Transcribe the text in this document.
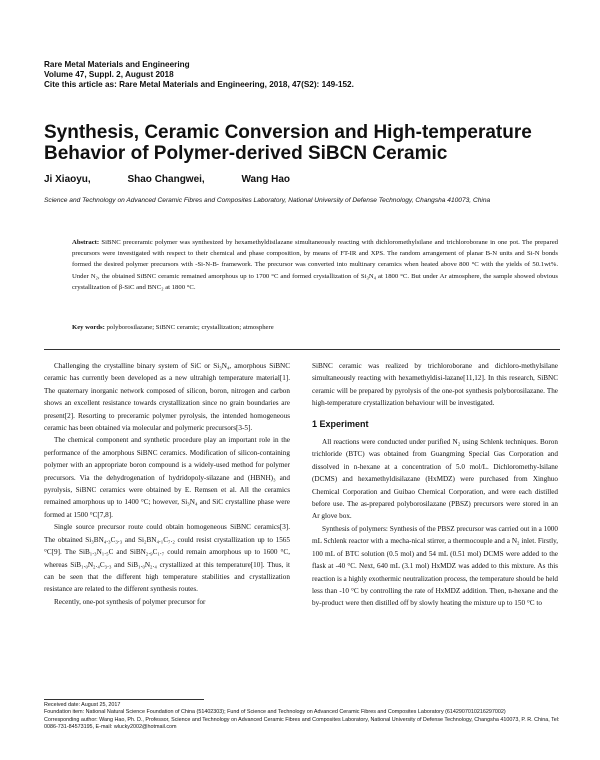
Rare Metal Materials and Engineering
Volume 47, Suppl. 2, August 2018
Cite this article as: Rare Metal Materials and Engineering, 2018, 47(S2): 149-152.
Synthesis, Ceramic Conversion and High-temperature Behavior of Polymer-derived SiBCN Ceramic
Ji Xiaoyu,	Shao Changwei,	Wang Hao
Science and Technology on Advanced Ceramic Fibres and Composites Laboratory, National University of Defense Technology, Changsha 410073, China
Abstract: SiBNC preceramic polymer was synthesized by hexamethyldisilazane simultaneously reacting with dichloromethylsilane and trichloroborane in one pot. The prepared precursors were investigated with respect to their chemical and phase composition, by means of FT-IR and XPS. The random arrangement of planar B-N units and Si-N bonds formed the desired polymer precursors with -Si-N-B- framework. The precursor was converted into multinary ceramics when heated above 800 °C with the yields of 50.1wt%. Under N₂, the obtained SiBNC ceramic remained amorphous up to 1700 °C and formed crystallization of Si₃N₄ at 1800 °C. But under Ar atmosphere, the sample showed obvious crystallization of β-SiC and BNC₂ at 1800 °C.
Key words: polyborosilazane; SiBNC ceramic; crystallization; atmosphere

Challenging the crystalline binary system of SiC or Si₃N₄, amorphous SiBNC ceramic has currently been developed as a new ultrahigh temperature material[1]. The quaternary inorganic network composed of silicon, boron, nitrogen and carbon shows an excellent resistance towards crystallization since no grain boundaries are present[2]. Resorting to preceramic polymer pyrolysis, the intended homogeneous ceramic has been obtained via molecular and polymeric precursors[3-5].

The chemical component and synthetic procedure play an important role in the performance of the amorphous SiBNC ceramics. Modification of silicon-containing polymer with an appropriate boron compound is a widely-used method for polymer precursors. Via the dehydrogenation of hydridopoly-silazane and (HBNH)₃ and pyrolysis, SiBNC ceramics were obtained by E. Remsen et al. All the ceramics remained amorphous up to 1400 °C; however, Si₃N₄ and SiC crystalline phase were formed at 1500 °C[7,8].

Single source precursor route could obtain homogeneous SiBNC ceramics[3]. The obtained Si₃BN₄.₃C₃.₃ and Si₂BN₄.₁C₇.₂ could resist crystallization up to 1565 °C[9]. The SiB₁.₃N₁.₅C and SiBN₂.₉C₁.₇ could remain amorphous up to 1600 °C, whereas SiB₁.₀N₂.₄C₃.₃ and SiB₁.₀N₂.₄ crystallized at this temperature[10]. Thus, it can be seen that the different high temperature stabilities and crystallization resistance are related to the different synthesis routes.

Recently, one-pot synthesis of polymer precursor for

SiBNC ceramic was realized by trichloroborane and dichloro-methylsilane simultaneously reacting with hexamethyldisi-lazane[11,12]. In this research, SiBNC ceramic will be prepared by pyrolysis of the one-pot synthesis polyborosilazane. The high-temperature crystallization behaviour will be investigated.

1 Experiment

All reactions were conducted under purified N₂ using Schlenk techniques. Boron trichloride (BTC) was obtained from Guangming Special Gas Corporation and dissolved in n-hexane at a concentration of 5.0 mol/L. Dichloromethy-lsilane (DCMS) and hexamethyldisilazane (HxMDZ) were purchased from Xinghuo Chemical Corporation and Guibao Chemical Corporation, and were each distilled before use. The as-prepared polyborosilazane (PBSZ) precursors were stored in an Ar glove box.

Synthesis of polymers: Synthesis of the PBSZ precursor was carried out in a 1000 mL Schlenk reactor with a mecha-nical stirrer, a thermocouple and a N₂ inlet. Firstly, 100 mL of BTC solution (0.5 mol) and 54 mL (0.51 mol) DCMS were added to the flask at -40 °C. Next, 640 mL (3.1 mol) HxMDZ was added to this mixture. As this reaction is a highly exothermic neutralization process, the temperature should be held less than -10 °C by controlling the rate of HxMDZ addition. Then, n-hexane and the by-product were then distilled off by slowly heating the mixture up to 150 °C to

Received date: August 25, 2017
Foundation item: National Natural Science Foundation of China (51402303); Fund of Science and Technology on Advanced Ceramic Fibres and Composites Laboratory (6142907010216297002)
Corresponding author: Wang Hao, Ph. D., Professor, Science and Technology on Advanced Ceramic Fibres and Composites Laboratory, National University of Defense Technology, Changsha 410073, P. R. China, Tel: 0086-731-84573195, E-mail: wlucky2002@hotmail.com
